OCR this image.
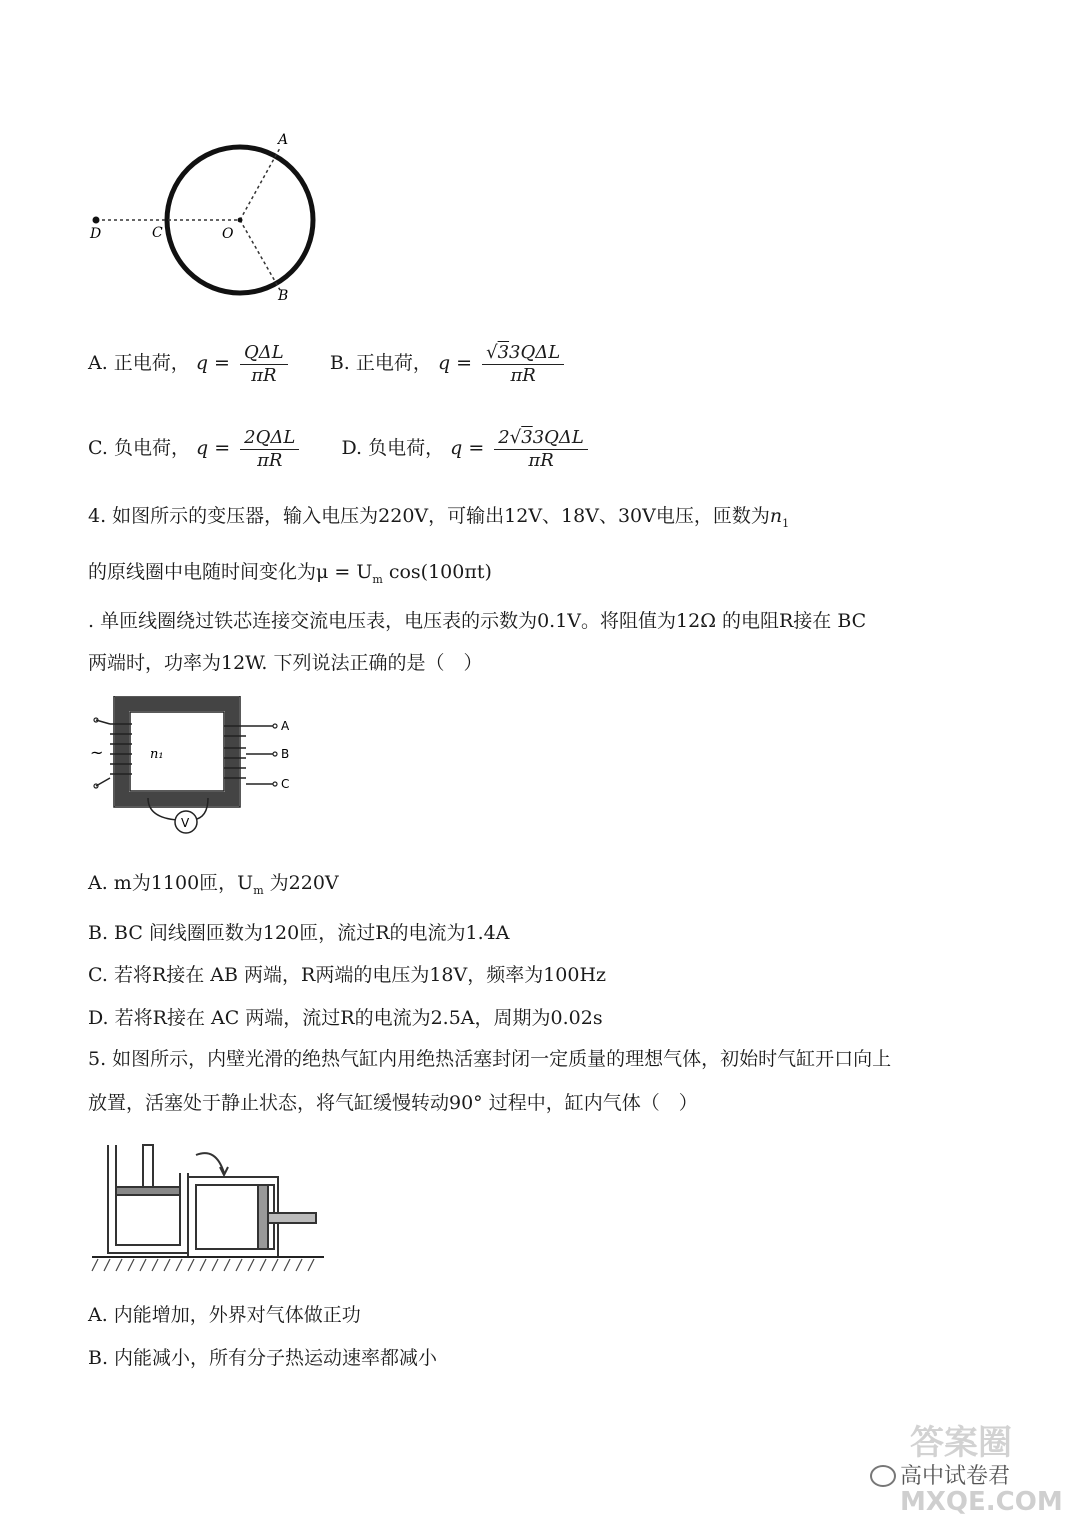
A
B
C
D	O
A. 正电荷， $q = \frac{\text{QΔL}}{\pi R} B$. 正电荷， $q = \frac{\text{√33QΔL}}{\pi R}$
C. 负电荷， $q = \frac{\text{2QΔL}}{\pi R} D$. 负电荷， $q = \frac{\text{2√33QΔL}}{\pi R}$
4. 如图所示的变压器，输入电压为220V，可输出12V、18V、30V电压，匝数为$n_1$
的原线圈中电随时间变化为$\mu = U_m$ cos(100πt)
. 单匝线圈绕过铁芯连接交流电压表，电压表的示数为0.1V。将阻值为12Ω 的电阻R接在 BC
两端时，功率为12W. 下列说法正确的是（　）
V
n₁
~
A
B
C
A. m为1100匝，$U_m$ 为220V
B. BC 间线圈匝数为120匝，流过R的电流为1.4A
C. 若将R接在 AB 两端，R两端的电压为18V，频率为100Hz
D. 若将R接在 AC 两端，流过R的电流为2.5A，周期为0.02s
5. 如图所示，内壁光滑的绝热气缸内用绝热活塞封闭一定质量的理想气体，初始时气缸开口向上
放置，活塞处于静止状态，将气缸缓慢转动90° 过程中，缸内气体（　）
A. 内能增加，外界对气体做正功
B. 内能减小，所有分子热运动速率都减小
答案圈
高中试卷君
MXQE.COM
